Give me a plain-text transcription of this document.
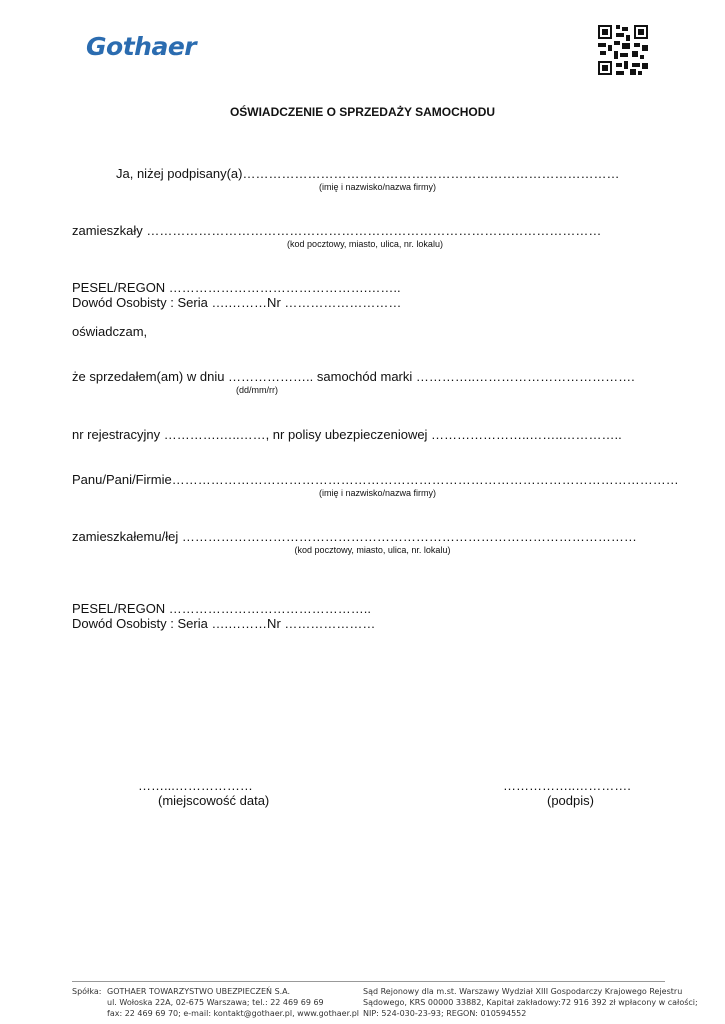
Gothaer
OŚWIADCZENIE O SPRZEDAŻY SAMOCHODU
Ja, niżej podpisany(a)……………………………………………………………………………
(imię i nazwisko/nazwa firmy)
zamieszkały ……………………………………………………………………………………………
(kod pocztowy, miasto, ulica, nr. lokalu)
PESEL/REGON ……………………………………….……..
Dowód Osobisty : Seria ….………Nr ………………………
oświadczam,
że sprzedałem(am) w dniu ……………….. samochód marki …………..……………………………….
(dd/mm/rr)
nr rejestracyjny ………….…..……, nr polisy ubezpieczeniowej …………………..……..…………..
Panu/Pani/Firmie………………………………………………………………………………………………………
(imię i nazwisko/nazwa firmy)
zamieszkałemu/łej ……………………………………………………………………………………………
(kod pocztowy, miasto, ulica, nr. lokalu)
PESEL/REGON ………………………………………..
Dowód Osobisty : Seria ….………Nr …………………
……...………………
(miejscowość data)
……………..………….
(podpis)
Spółka: GOTHAER TOWARZYSTWO UBEZPIECZEŃ S.A.
ul. Wołoska 22A, 02-675 Warszawa; tel.: 22 469 69 69
fax: 22 469 69 70; e-mail: kontakt@gothaer.pl, www.gothaer.pl
Sąd Rejonowy dla m.st. Warszawy Wydział XIII Gospodarczy Krajowego Rejestru
Sądowego, KRS 00000 33882, Kapitał zakładowy:72 916 392 zł wpłacony w całości;
NIP: 524-030-23-93; REGON: 010594552
